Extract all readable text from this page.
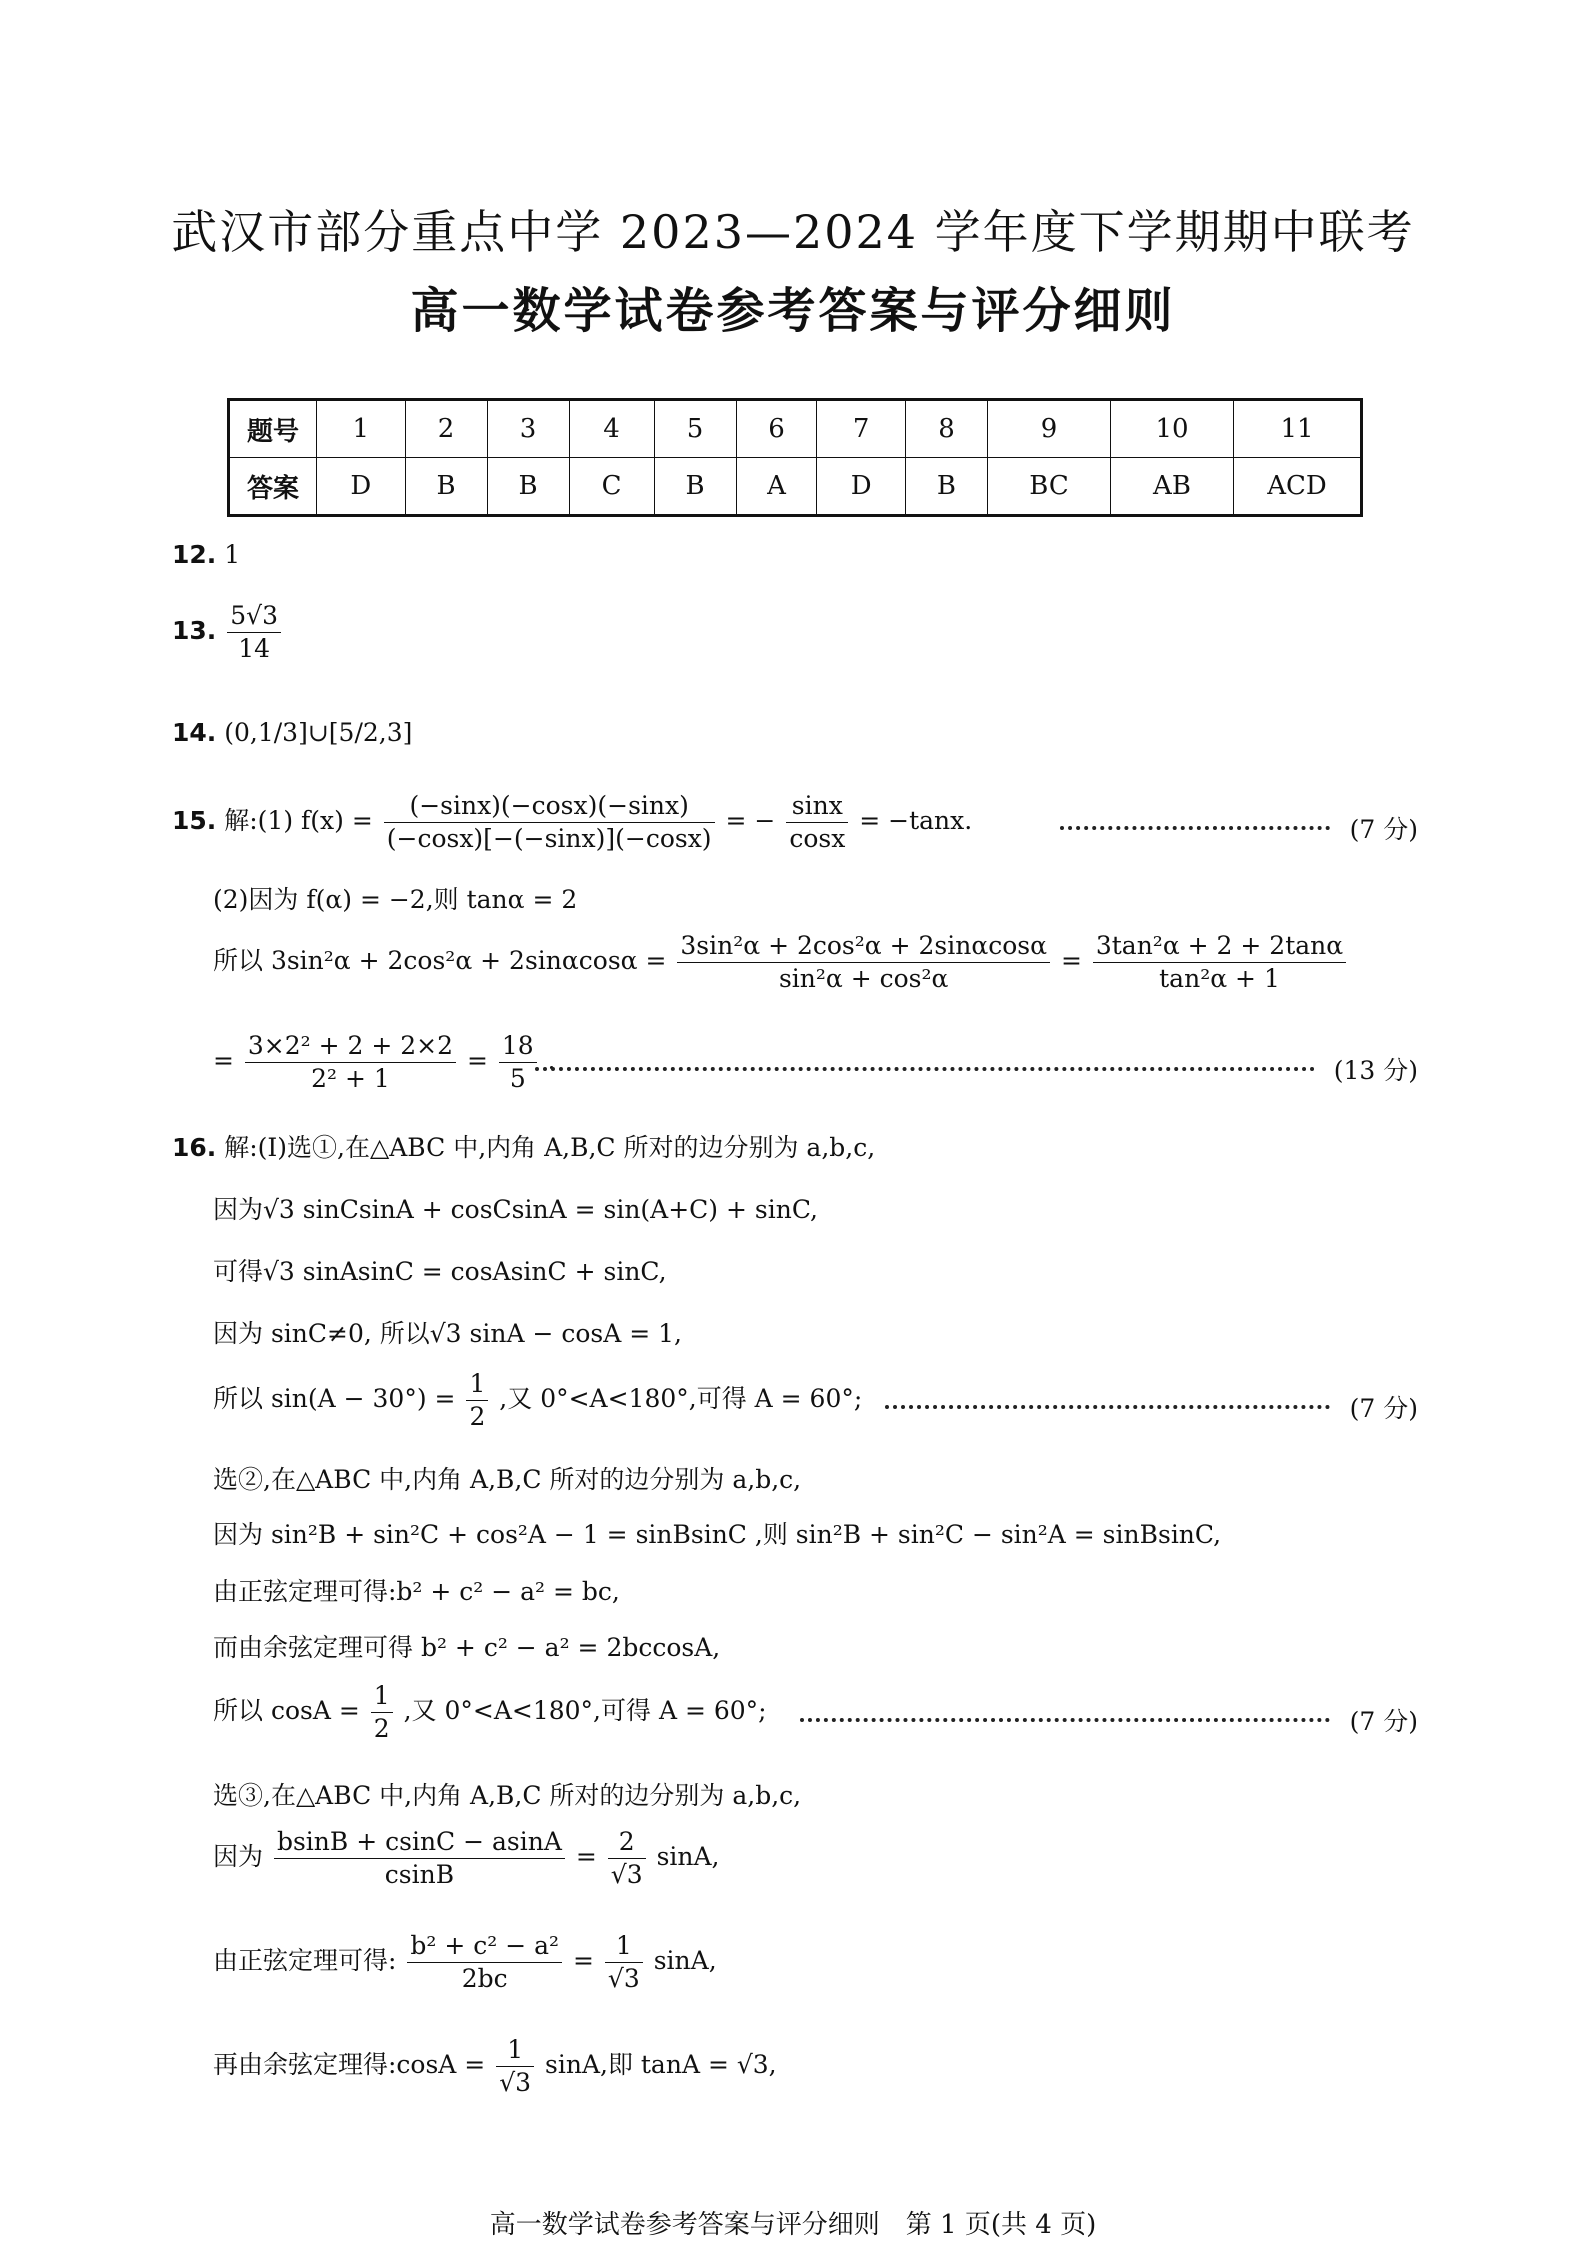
武汉市部分重点中学 2023—2024 学年度下学期期中联考
高一数学试卷参考答案与评分细则
题号	1	2	3	4	5	6	7	8	9	10	11
答案	D	B	B	C	B	A	D	B	BC	AB	ACD
12. 1
13. $\frac{5√3}{14}$
14. (0,1/3]∪[5/2,3]
15. 解:(1) $f(x) = \frac{(-\sin x)(-\cos x)(-\sin x)}{(-\cos x)[-(-\sin x)](-\cos x)}$ = − $\frac{\sin x}{\cos x} = -\tan x$.	(7 分)
(2)因为 f(α) = −2,则 tanα = 2
所以 $3\sin^2\alpha + 2\cos^2\alpha + 2\sin\alpha\cos\alpha = \frac{\text{3sin²α + 2cos²α + 2sinαcosα}}{\text{sin²α + cos²α}} = \frac{\text{3tan²α + 2 + 2tanα}}{\text{tan²α + 1}}$
= $\frac{\text{3×2² + 2 + 2×2}}{\text{2² + 1}} = \frac{18}{5}$ .	(13 分)
16. 解:(Ⅰ)选①,在△ABC 中,内角 A,B,C 所对的边分别为 a,b,c,
因为√3 sinCsinA + cosCsinA = sin(A+C) + sinC,
可得√3 sinAsinC = cosAsinC + sinC,
因为 sinC≠0, 所以√3 sinA − cosA = 1,
所以 $\sin(A - 30^\circ) = \frac{1}{2}$ ,又 0°<A<180°,可得 A = 60°;	(7 分)
选②,在△ABC 中,内角 A,B,C 所对的边分别为 a,b,c,
因为 sin²B + sin²C + cos²A − 1 = sinBsinC ,则 sin²B + sin²C − sin²A = sinBsinC,
由正弦定理可得:b² + c² − a² = bc,
而由余弦定理可得 b² + c² − a² = 2bccosA,
所以 $\cos A = \frac{1}{2}$ ,又 0°<A<180°,可得 A = 60°;	(7 分)
选③,在△ABC 中,内角 A,B,C 所对的边分别为 a,b,c,
因为 $\frac{bsinB + csinC - asinA}{csinB} = \frac{2}{√3} \sin A$,
由正弦定理可得: $\frac{\text{b² + c² − a²}}{2bc} = \frac{1}{√3} \sin A$,
再由余弦定理得:cosA = $\frac{1}{√3} \sin A$,即 tanA = √3,
高一数学试卷参考答案与评分细则　第 1 页(共 4 页)
